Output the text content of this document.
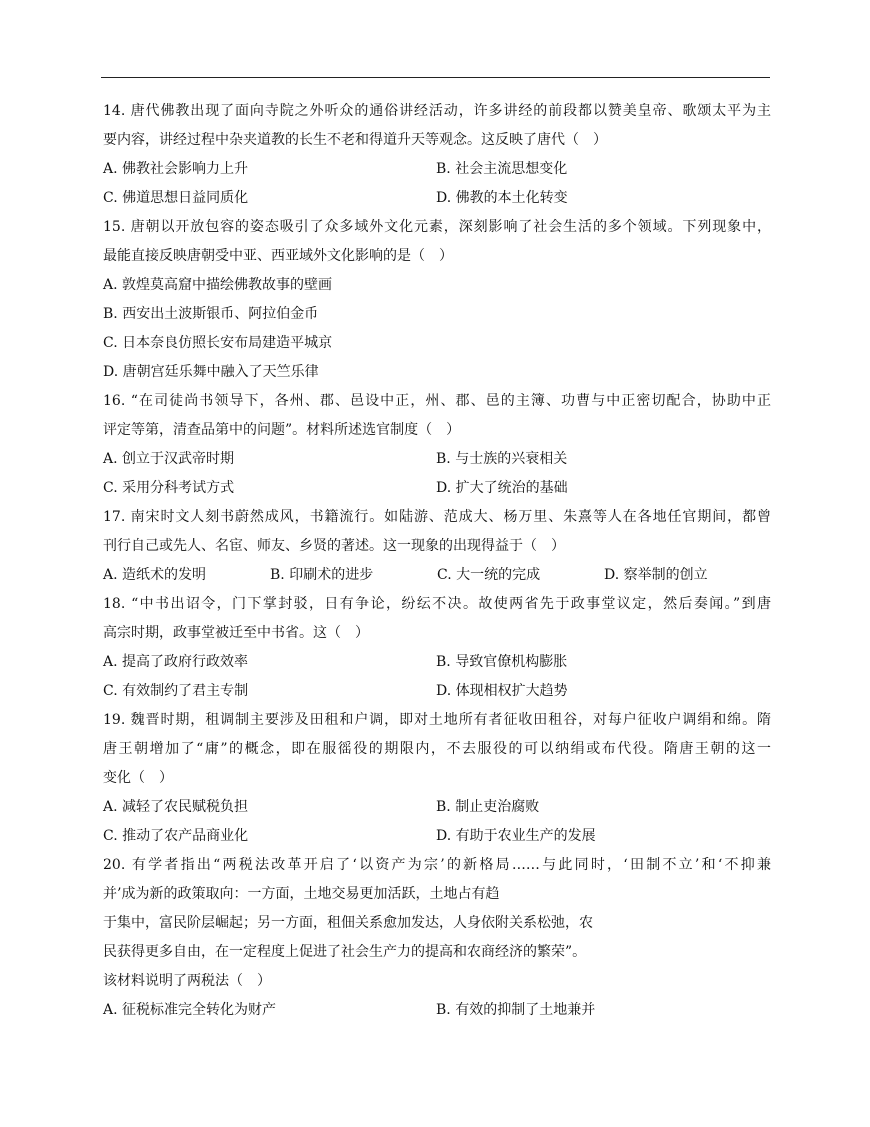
14. 唐代佛教出现了面向寺院之外听众的通俗讲经活动，许多讲经的前段都以赞美皇帝、歌颂太平为主
要内容，讲经过程中杂夹道教的长生不老和得道升天等观念。这反映了唐代（　）
A. 佛教社会影响力上升	B. 社会主流思想变化
C. 佛道思想日益同质化	D. 佛教的本土化转变
15. 唐朝以开放包容的姿态吸引了众多域外文化元素，深刻影响了社会生活的多个领域。下列现象中，
最能直接反映唐朝受中亚、西亚域外文化影响的是（　）
A. 敦煌莫高窟中描绘佛教故事的壁画
B. 西安出土波斯银币、阿拉伯金币
C. 日本奈良仿照长安布局建造平城京
D. 唐朝宫廷乐舞中融入了天竺乐律
16. “在司徒尚书领导下，各州、郡、邑设中正，州、郡、邑的主簿、功曹与中正密切配合，协助中正
评定等第，清查品第中的问题”。材料所述选官制度（　）
A. 创立于汉武帝时期	B. 与士族的兴衰相关
C. 采用分科考试方式	D. 扩大了统治的基础
17. 南宋时文人刻书蔚然成风，书籍流行。如陆游、范成大、杨万里、朱熹等人在各地任官期间，都曾
刊行自己或先人、名宦、师友、乡贤的著述。这一现象的出现得益于（　）
A. 造纸术的发明	B. 印刷术的进步	C. 大一统的完成	D. 察举制的创立
18. “中书出诏令，门下掌封驳，日有争论，纷纭不决。故使两省先于政事堂议定，然后奏闻。”到唐
高宗时期，政事堂被迁至中书省。这（　）
A. 提高了政府行政效率	B. 导致官僚机构膨胀
C. 有效制约了君主专制	D. 体现相权扩大趋势
19. 魏晋时期，租调制主要涉及田租和户调，即对土地所有者征收田租谷，对每户征收户调绢和绵。隋
唐王朝增加了“庸”的概念，即在服徭役的期限内，不去服役的可以纳绢或布代役。隋唐王朝的这一
变化（　）
A. 减轻了农民赋税负担	B. 制止吏治腐败
C. 推动了农产品商业化	D. 有助于农业生产的发展
20. 有学者指出“两税法改革开启了‘以资产为宗’的新格局……与此同时，‘田制不立’和‘不抑兼
并’成为新的政策取向：一方面，土地交易更加活跃，土地占有趋
于集中，富民阶层崛起；另一方面，租佃关系愈加发达，人身依附关系松弛，农
民获得更多自由，在一定程度上促进了社会生产力的提高和农商经济的繁荣”。
该材料说明了两税法（　）
A. 征税标准完全转化为财产	B. 有效的抑制了土地兼并
